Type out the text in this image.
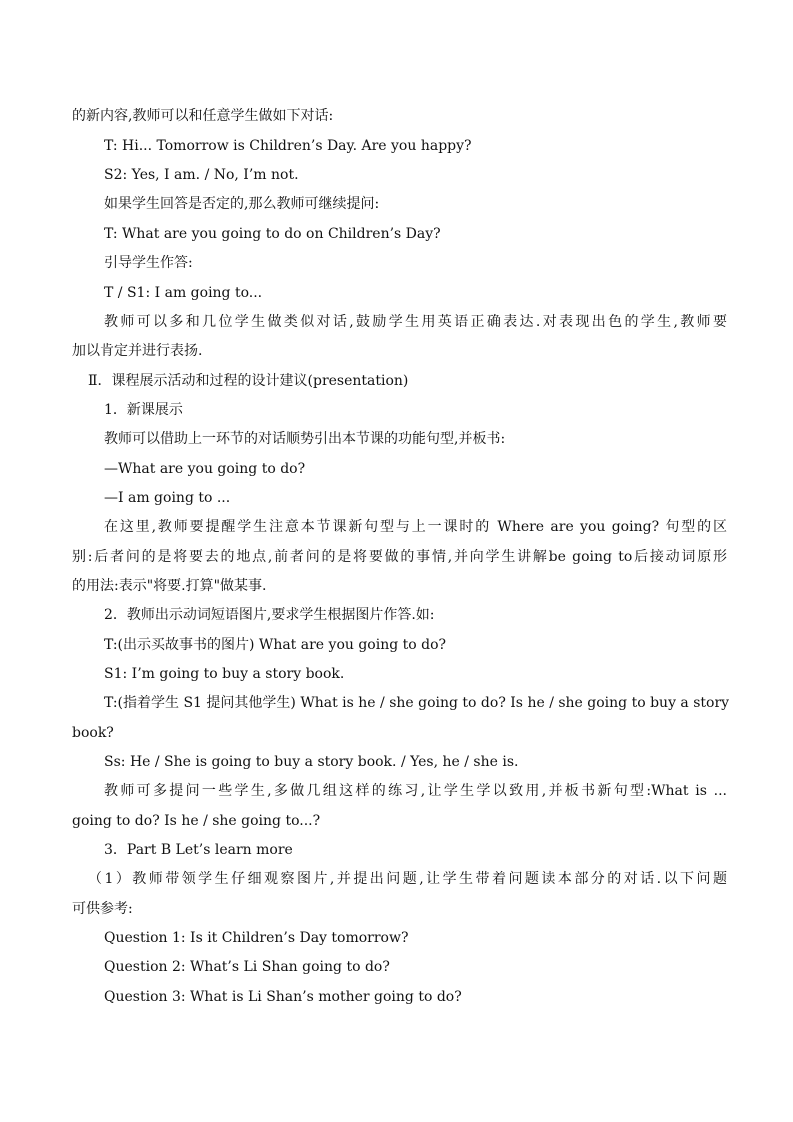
的新内容,教师可以和任意学生做如下对话:
T: Hi... Tomorrow is Children’s Day. Are you happy?
S2: Yes, I am. / No, I’m not.
如果学生回答是否定的,那么教师可继续提问:
T: What are you going to do on Children’s Day?
引导学生作答:
T / S1: I am going to...
教师可以多和几位学生做类似对话,鼓励学生用英语正确表达.对表现出色的学生,教师要
加以肯定并进行表扬.
Ⅱ．课程展示活动和过程的设计建议(presentation)
1．新课展示
教师可以借助上一环节的对话顺势引出本节课的功能句型,并板书:
—What are you going to do?
—I am going to ...
在这里,教师要提醒学生注意本节课新句型与上一课时的 Where are you going? 句型的区
别:后者问的是将要去的地点,前者问的是将要做的事情,并向学生讲解be going to后接动词原形
的用法:表示"将要.打算"做某事.
2．教师出示动词短语图片,要求学生根据图片作答.如:
T:(出示买故事书的图片) What are you going to do?
S1: I’m going to buy a story book.
T:(指着学生 S1 提问其他学生) What is he / she going to do? Is he / she going to buy a story
book?
Ss: He / She is going to buy a story book. / Yes, he / she is.
教师可多提问一些学生,多做几组这样的练习,让学生学以致用,并板书新句型:What is ...
going to do? Is he / she going to...?
3．Part B Let’s learn more
（1）教师带领学生仔细观察图片,并提出问题,让学生带着问题读本部分的对话.以下问题
可供参考:
Question 1: Is it Children’s Day tomorrow?
Question 2: What’s Li Shan going to do?
Question 3: What is Li Shan’s mother going to do?
